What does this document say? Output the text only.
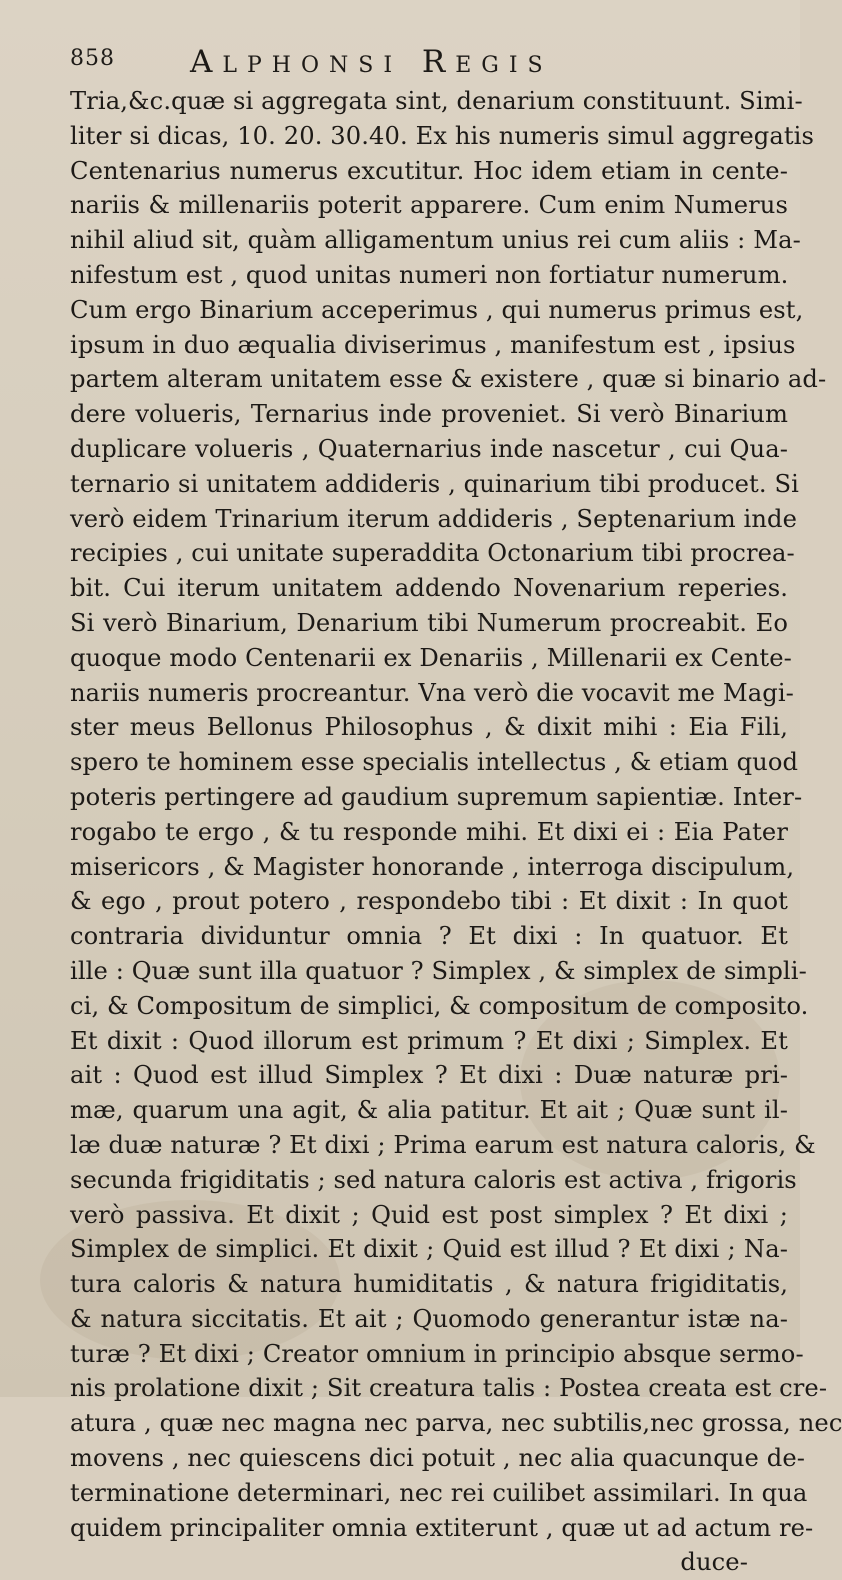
858 Alphonsi Regis
Tria,&c.quæ si aggregata sint, denarium constituunt. Simi-
liter si dicas, 10. 20. 30.40. Ex his numeris simul aggregatis
Centenarius numerus excutitur. Hoc idem etiam in cente-
nariis & millenariis poterit apparere. Cum enim Numerus
nihil aliud sit, quàm alligamentum unius rei cum aliis : Ma-
nifestum est , quod unitas numeri non fortiatur numerum.
Cum ergo Binarium acceperimus , qui numerus primus est,
ipsum in duo æqualia diviserimus , manifestum est , ipsius
partem alteram unitatem esse & existere , quæ si binario ad-
dere volueris, Ternarius inde proveniet. Si verò Binarium
duplicare volueris , Quaternarius inde nascetur , cui Qua-
ternario si unitatem addideris , quinarium tibi producet. Si
verò eidem Trinarium iterum addideris , Septenarium inde
recipies , cui unitate superaddita Octonarium tibi procrea-
bit. Cui iterum unitatem addendo Novenarium reperies.
Si verò Binarium, Denarium tibi Numerum procreabit. Eo
quoque modo Centenarii ex Denariis , Millenarii ex Cente-
nariis numeris procreantur. Vna verò die vocavit me Magi-
ster meus Bellonus Philosophus , & dixit mihi : Eia Fili,
spero te hominem esse specialis intellectus , & etiam quod
poteris pertingere ad gaudium supremum sapientiæ. Inter-
rogabo te ergo , & tu responde mihi. Et dixi ei : Eia Pater
misericors , & Magister honorande , interroga discipulum,
& ego , prout potero , respondebo tibi : Et dixit : In quot
contraria dividuntur omnia ? Et dixi : In quatuor. Et
ille : Quæ sunt illa quatuor ? Simplex , & simplex de simpli-
ci, & Compositum de simplici, & compositum de composito.
Et dixit : Quod illorum est primum ? Et dixi ; Simplex. Et
ait : Quod est illud Simplex ? Et dixi : Duæ naturæ pri-
mæ, quarum una agit, & alia patitur. Et ait ; Quæ sunt il-
læ duæ naturæ ? Et dixi ; Prima earum est natura caloris, &
secunda frigiditatis ; sed natura caloris est activa , frigoris
verò passiva. Et dixit ; Quid est post simplex ? Et dixi ;
Simplex de simplici. Et dixit ; Quid est illud ? Et dixi ; Na-
tura caloris & natura humiditatis , & natura frigiditatis,
& natura siccitatis. Et ait ; Quomodo generantur istæ na-
turæ ? Et dixi ; Creator omnium in principio absque sermo-
nis prolatione dixit ; Sit creatura talis : Postea creata est cre-
atura , quæ nec magna nec parva, nec subtilis,nec grossa, nec
movens , nec quiescens dici potuit , nec alia quacunque de-
terminatione determinari, nec rei cuilibet assimilari. In qua
quidem principaliter omnia extiterunt , quæ ut ad actum re-
duce-
